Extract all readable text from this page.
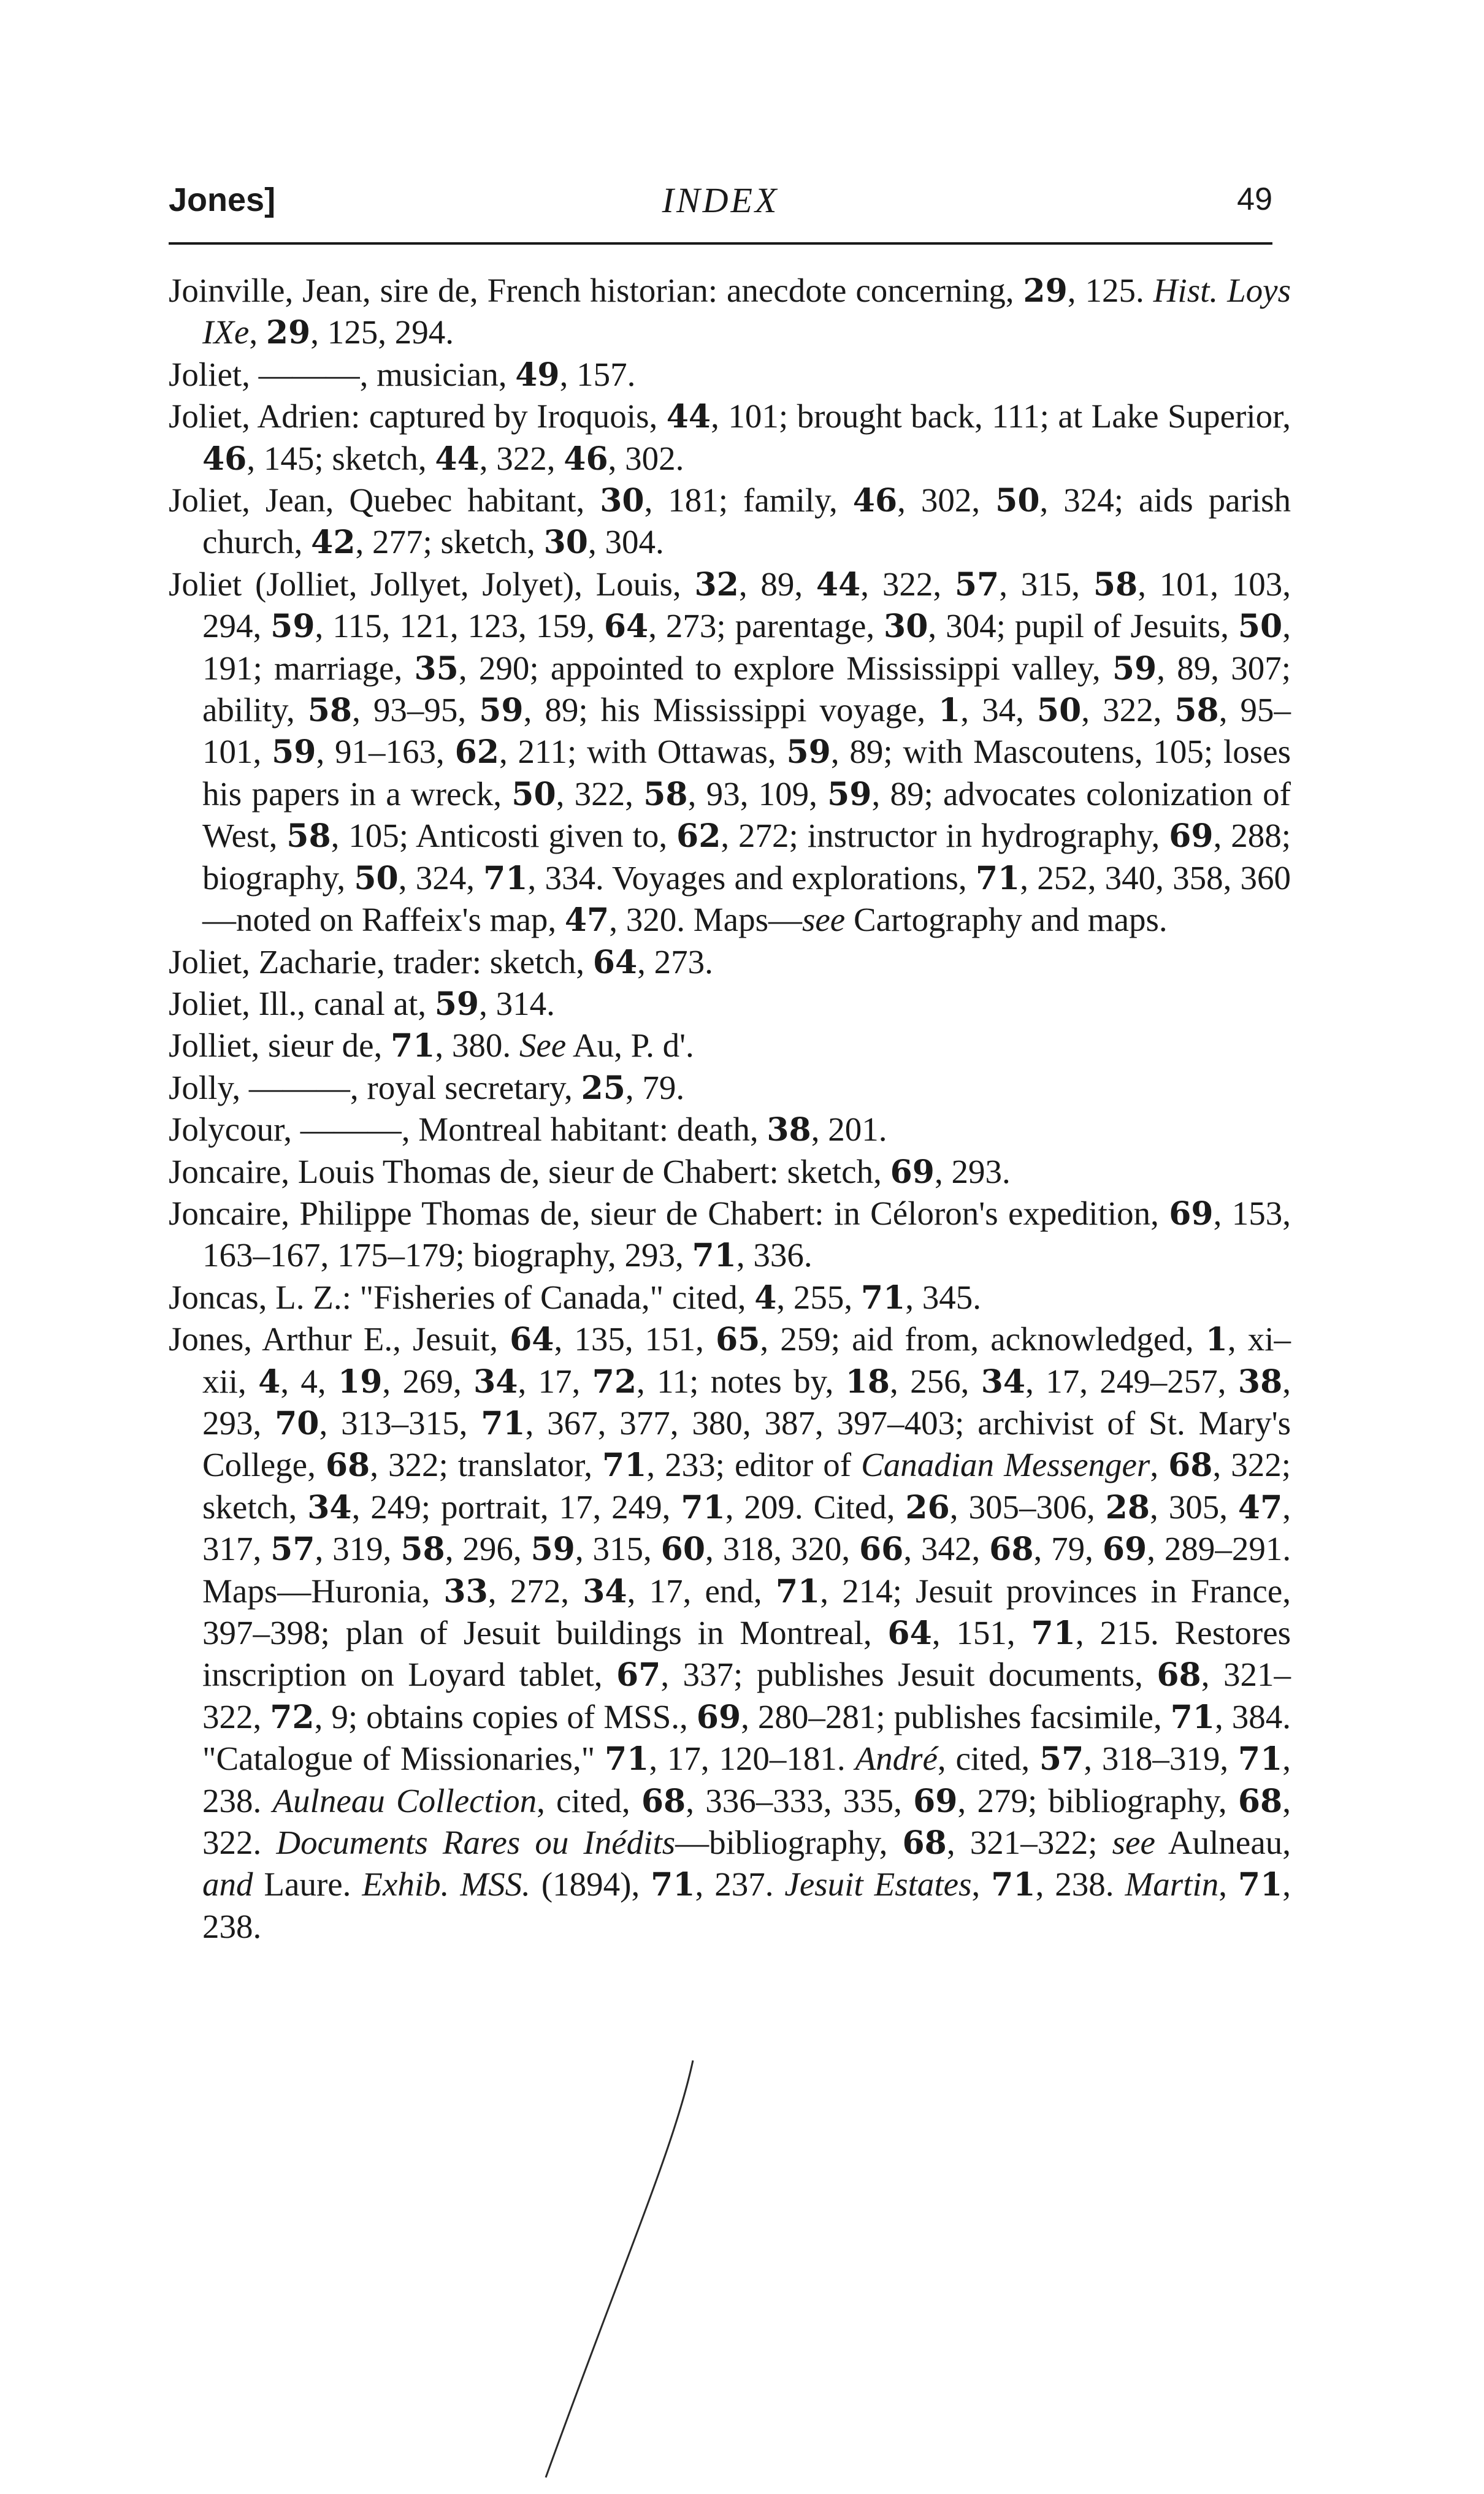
Jones]	INDEX	49

Joinville, Jean, sire de, French historian: anecdote concerning, 29, 125. Hist. Loys IXe, 29, 125, 294.

Joliet, ———, musician, 49, 157.

Joliet, Adrien: captured by Iroquois, 44, 101; brought back, 111; at Lake Superior, 46, 145; sketch, 44, 322, 46, 302.

Joliet, Jean, Quebec habitant, 30, 181; family, 46, 302, 50, 324; aids parish church, 42, 277; sketch, 30, 304.

Joliet (Jolliet, Jollyet, Jolyet), Louis, 32, 89, 44, 322, 57, 315, 58, 101, 103, 294, 59, 115, 121, 123, 159, 64, 273; parentage, 30, 304; pupil of Jesuits, 50, 191; marriage, 35, 290; appointed to explore Mississippi valley, 59, 89, 307; ability, 58, 93–95, 59, 89; his Mississippi voyage, 1, 34, 50, 322, 58, 95–101, 59, 91–163, 62, 211; with Ottawas, 59, 89; with Mascoutens, 105; loses his papers in a wreck, 50, 322, 58, 93, 109, 59, 89; advocates colonization of West, 58, 105; Anticosti given to, 62, 272; instructor in hydrography, 69, 288; biography, 50, 324, 71, 334. Voyages and explorations, 71, 252, 340, 358, 360—noted on Raffeix's map, 47, 320. Maps—see Cartography and maps.

Joliet, Zacharie, trader: sketch, 64, 273.

Joliet, Ill., canal at, 59, 314.

Jolliet, sieur de, 71, 380. See Au, P. d'.

Jolly, ———, royal secretary, 25, 79.

Jolycour, ———, Montreal habitant: death, 38, 201.

Joncaire, Louis Thomas de, sieur de Chabert: sketch, 69, 293.

Joncaire, Philippe Thomas de, sieur de Chabert: in Céloron's expedition, 69, 153, 163–167, 175–179; biography, 293, 71, 336.

Joncas, L. Z.: "Fisheries of Canada," cited, 4, 255, 71, 345.

Jones, Arthur E., Jesuit, 64, 135, 151, 65, 259; aid from, acknowledged, 1, xi–xii, 4, 4, 19, 269, 34, 17, 72, 11; notes by, 18, 256, 34, 17, 249–257, 38, 293, 70, 313–315, 71, 367, 377, 380, 387, 397–403; archivist of St. Mary's College, 68, 322; translator, 71, 233; editor of Canadian Messenger, 68, 322; sketch, 34, 249; portrait, 17, 249, 71, 209. Cited, 26, 305–306, 28, 305, 47, 317, 57, 319, 58, 296, 59, 315, 60, 318, 320, 66, 342, 68, 79, 69, 289–291. Maps—Huronia, 33, 272, 34, 17, end, 71, 214; Jesuit provinces in France, 397–398; plan of Jesuit buildings in Montreal, 64, 151, 71, 215. Restores inscription on Loyard tablet, 67, 337; publishes Jesuit documents, 68, 321–322, 72, 9; obtains copies of MSS., 69, 280–281; publishes facsimile, 71, 384. "Catalogue of Missionaries," 71, 17, 120–181. André, cited, 57, 318–319, 71, 238. Aulneau Collection, cited, 68, 336–333, 335, 69, 279; bibliography, 68, 322. Documents Rares ou Inédits—bibliography, 68, 321–322; see Aulneau, and Laure. Exhib. MSS. (1894), 71, 237. Jesuit Estates, 71, 238. Martin, 71, 238.
